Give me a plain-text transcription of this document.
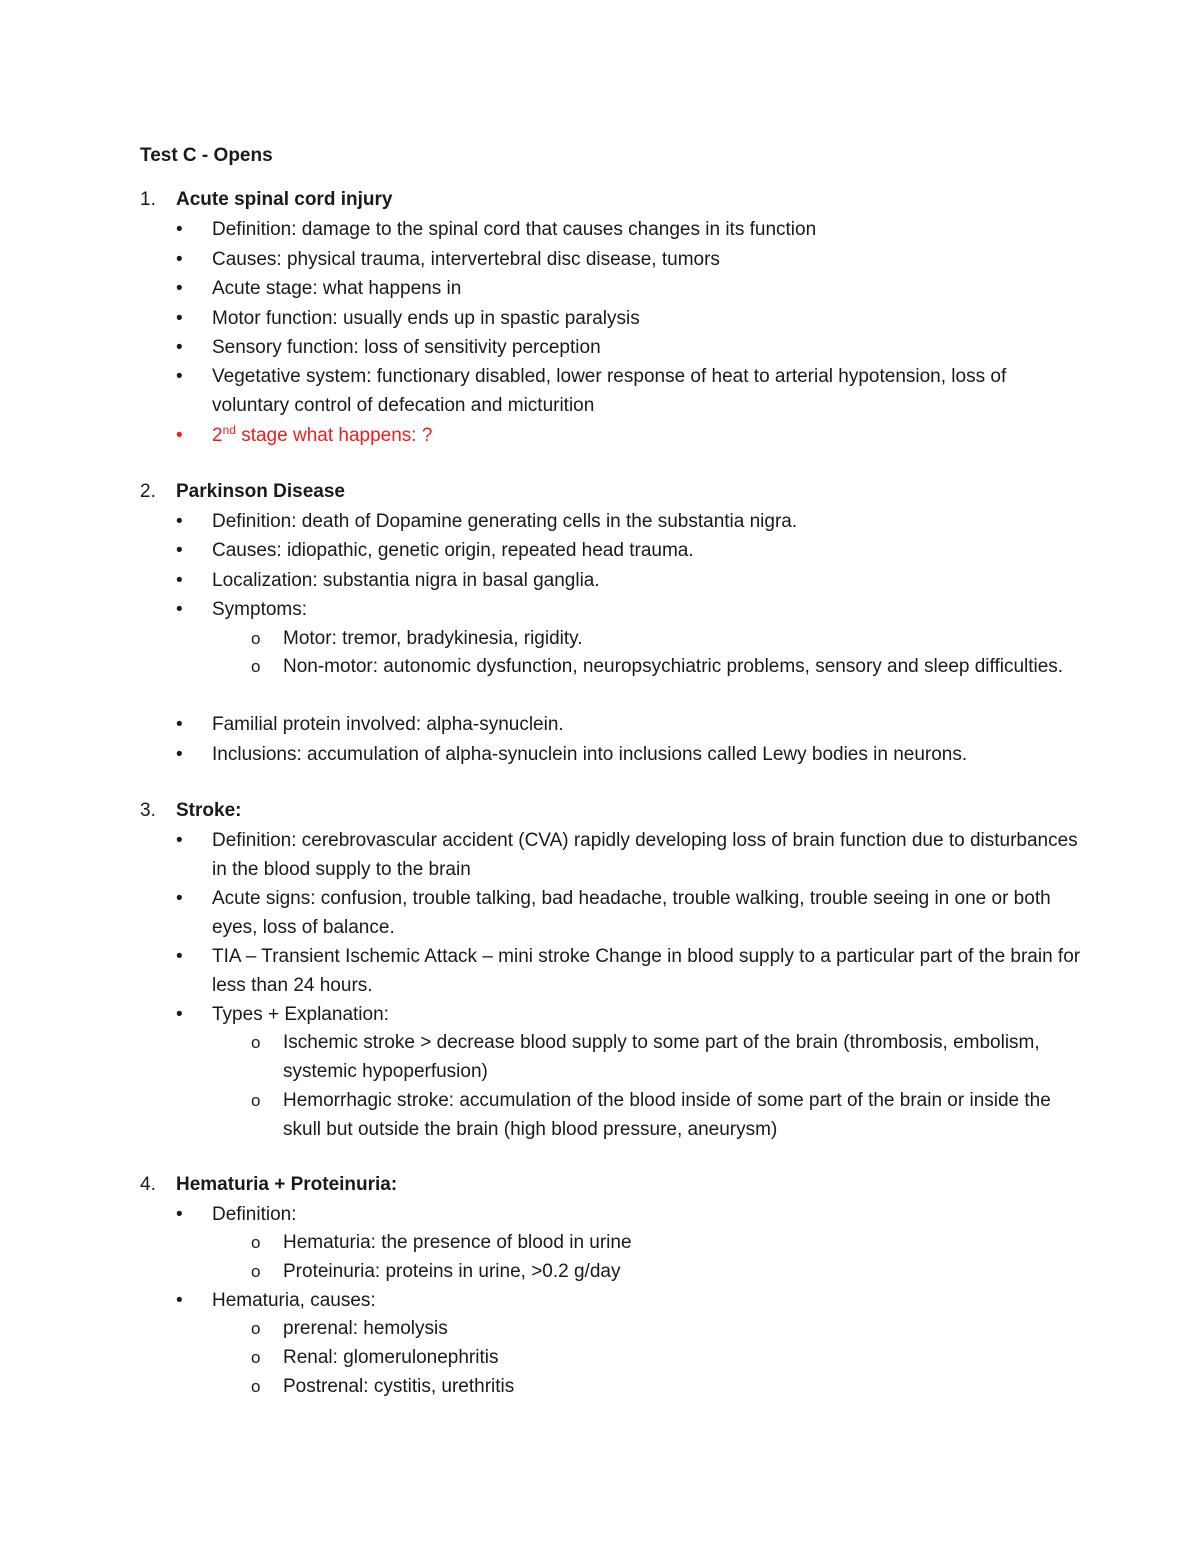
Test C - Opens
1. Acute spinal cord injury
• Definition: damage to the spinal cord that causes changes in its function
• Causes: physical trauma, intervertebral disc disease, tumors
• Acute stage: what happens in
• Motor function: usually ends up in spastic paralysis
• Sensory function: loss of sensitivity perception
• Vegetative system: functionary disabled, lower response of heat to arterial hypotension, loss of voluntary control of defecation and micturition
• 2nd stage what happens: ?
2. Parkinson Disease
• Definition: death of Dopamine generating cells in the substantia nigra.
• Causes: idiopathic, genetic origin, repeated head trauma.
• Localization: substantia nigra in basal ganglia.
• Symptoms:
o Motor: tremor, bradykinesia, rigidity.
o Non-motor: autonomic dysfunction, neuropsychiatric problems, sensory and sleep difficulties.
• Familial protein involved: alpha-synuclein.
• Inclusions: accumulation of alpha-synuclein into inclusions called Lewy bodies in neurons.
3. Stroke:
• Definition: cerebrovascular accident (CVA) rapidly developing loss of brain function due to disturbances in the blood supply to the brain
• Acute signs: confusion, trouble talking, bad headache, trouble walking, trouble seeing in one or both eyes, loss of balance.
• TIA – Transient Ischemic Attack – mini stroke Change in blood supply to a particular part of the brain for less than 24 hours.
• Types + Explanation:
o Ischemic stroke > decrease blood supply to some part of the brain (thrombosis, embolism, systemic hypoperfusion)
o Hemorrhagic stroke: accumulation of the blood inside of some part of the brain or inside the skull but outside the brain (high blood pressure, aneurysm)
4. Hematuria + Proteinuria:
• Definition:
o Hematuria: the presence of blood in urine
o Proteinuria: proteins in urine, >0.2 g/day
• Hematuria, causes:
o prerenal: hemolysis
o Renal: glomerulonephritis
o Postrenal: cystitis, urethritis
